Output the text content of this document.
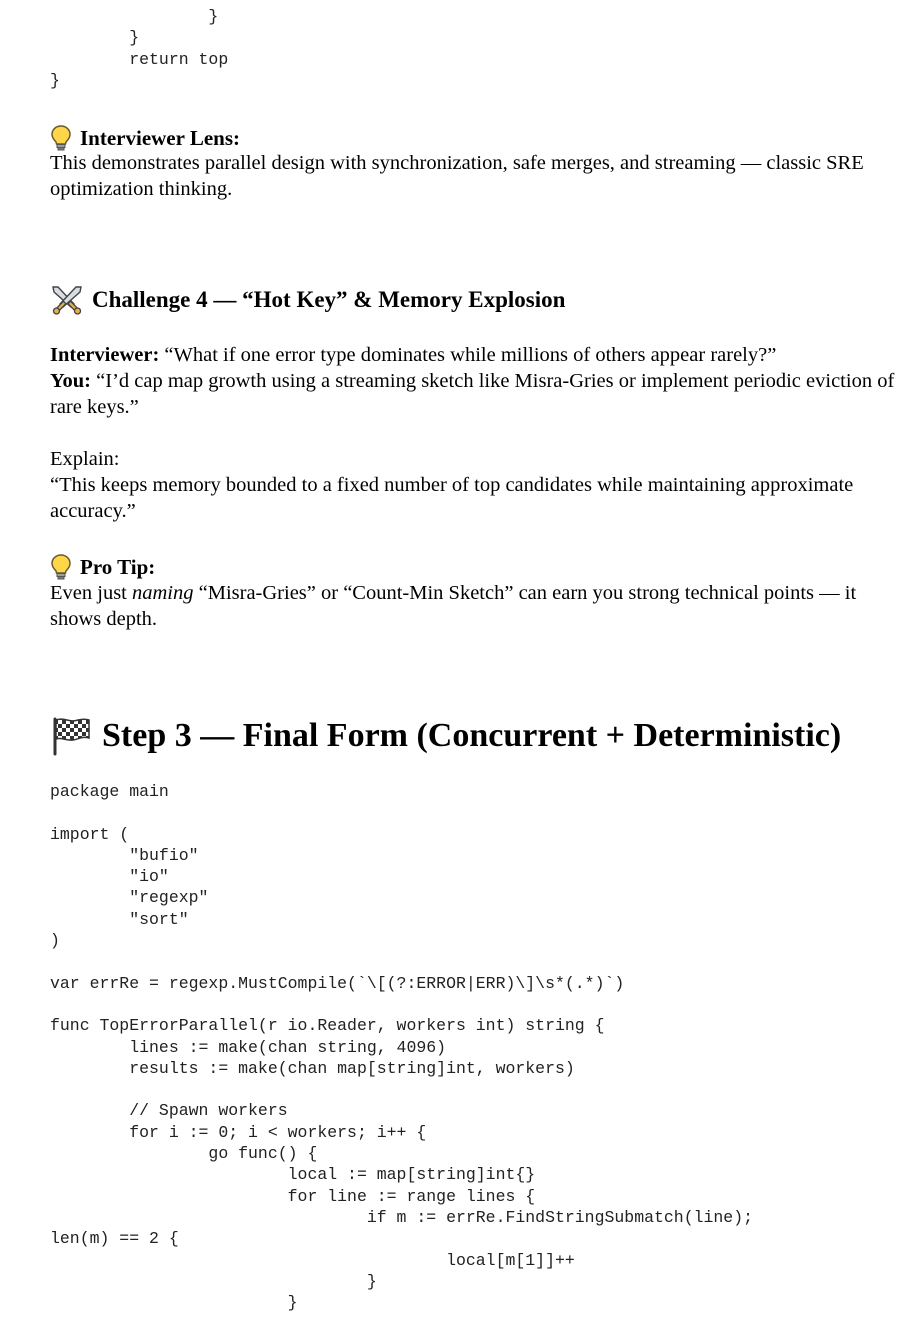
}
}
return top
}
Interviewer Lens:

This demonstrates parallel design with synchronization, safe merges, and streaming — classic SRE optimization thinking.

Challenge 4 — “Hot Key” & Memory Explosion

Interviewer: “What if one error type dominates while millions of others appear rarely?”

You: “I’d cap map growth using a streaming sketch like Misra-Gries or implement periodic eviction of rare keys.”

Explain:

“This keeps memory bounded to a fixed number of top candidates while maintaining approximate accuracy.”

Pro Tip:

Even just naming “Misra-Gries” or “Count-Min Sketch” can earn you strong technical points — it shows depth.

Step 3 — Final Form (Concurrent + Deterministic)
package main

import (
"bufio"
"io"
"regexp"
"sort"
)

var errRe = regexp.MustCompile(`\[(?:ERROR|ERR)\]\s*(.*)`)

func TopErrorParallel(r io.Reader, workers int) string {
lines := make(chan string, 4096)
results := make(chan map[string]int, workers)

// Spawn workers
for i := 0; i < workers; i++ {
go func() {
local := map[string]int{}
for line := range lines {
if m := errRe.FindStringSubmatch(line);
len(m) == 2 {
local[m[1]]++
}
}
